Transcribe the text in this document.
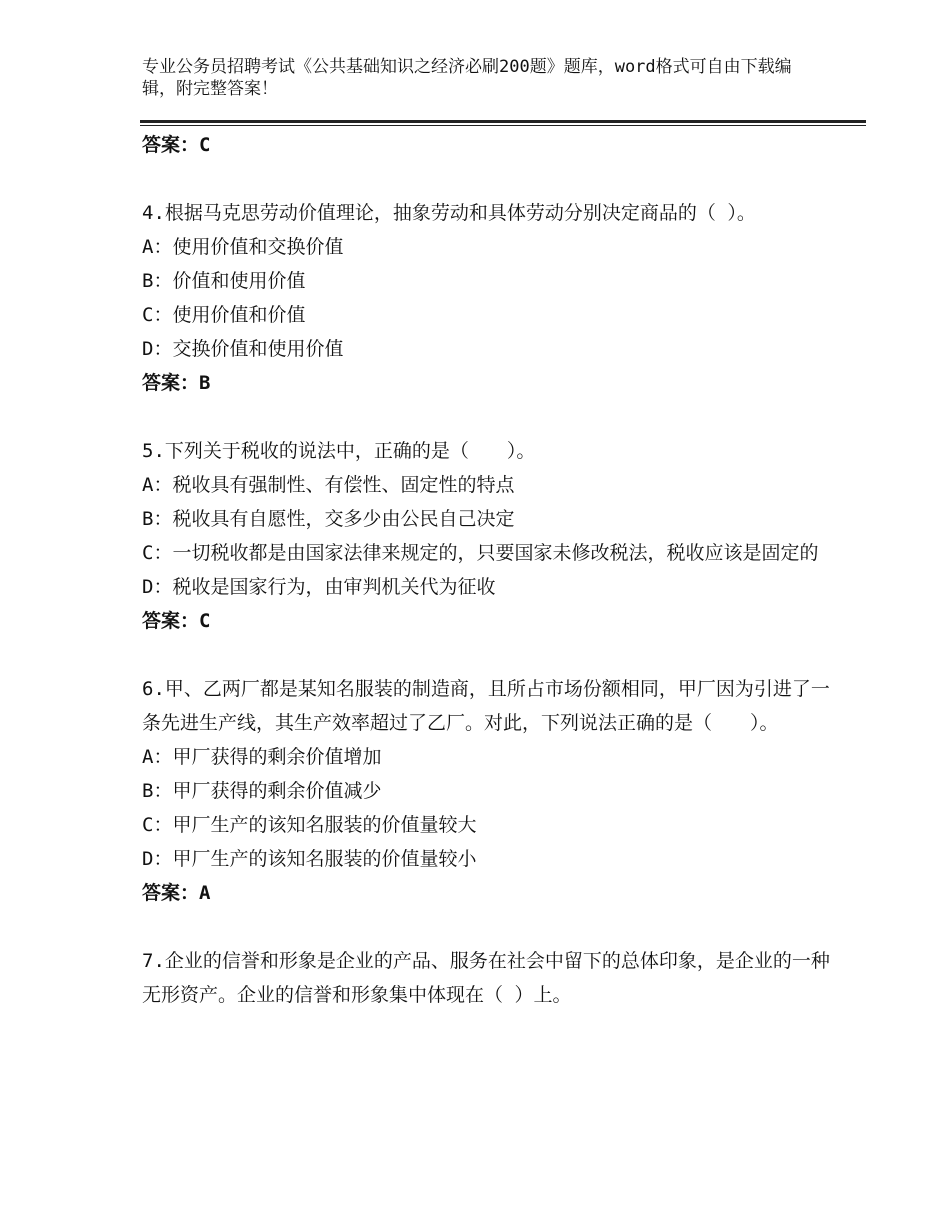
专业公务员招聘考试《公共基础知识之经济必刷200题》题库，word格式可自由下载编辑，附完整答案！

答案：C

4.根据马克思劳动价值理论，抽象劳动和具体劳动分别决定商品的（ ）。

A：使用价值和交换价值

B：价值和使用价值

C：使用价值和价值

D：交换价值和使用价值

答案：B

5.下列关于税收的说法中，正确的是（　　）。

A：税收具有强制性、有偿性、固定性的特点

B：税收具有自愿性，交多少由公民自己决定

C：一切税收都是由国家法律来规定的，只要国家未修改税法，税收应该是固定的

D：税收是国家行为，由审判机关代为征收

答案：C

6.甲、乙两厂都是某知名服装的制造商，且所占市场份额相同，甲厂因为引进了一条先进生产线，其生产效率超过了乙厂。对此，下列说法正确的是（　　）。

A：甲厂获得的剩余价值增加

B：甲厂获得的剩余价值减少

C：甲厂生产的该知名服装的价值量较大

D：甲厂生产的该知名服装的价值量较小

答案：A

7.企业的信誉和形象是企业的产品、服务在社会中留下的总体印象，是企业的一种无形资产。企业的信誉和形象集中体现在（ ）上。
